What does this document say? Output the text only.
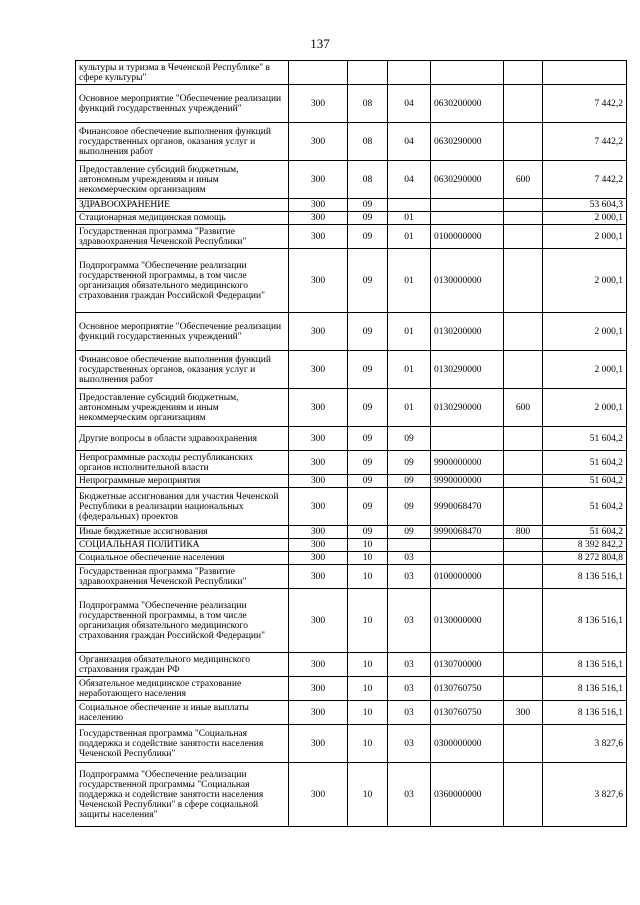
137
культуры и туризма в Чеченской Республике" в сфере культуры"						
Основное мероприятие "Обеспечение реализации функций государственных учреждений"	300	08	04	0630200000		7 442,2
Финансовое обеспечение выполнения функций государственных органов, оказания услуг и выполнения работ	300	08	04	0630290000		7 442,2
Предоставление субсидий бюджетным, автономным учреждениям и иным некоммерческим организациям	300	08	04	0630290000	600	7 442,2
ЗДРАВООХРАНЕНИЕ	300	09				53 604,3
Стационарная медицинская помощь	300	09	01			2 000,1
Государственная программа "Развитие здравоохранения Чеченской Республики"	300	09	01	0100000000		2 000,1
Подпрограмма "Обеспечение реализации государственной программы, в том числе организация обязательного медицинского страхования граждан Российской Федерации"	300	09	01	0130000000		2 000,1
Основное мероприятие "Обеспечение реализации функций государственных учреждений"	300	09	01	0130200000		2 000,1
Финансовое обеспечение выполнения функций государственных органов, оказания услуг и выполнения работ	300	09	01	0130290000		2 000,1
Предоставление субсидий бюджетным, автономным учреждениям и иным некоммерческим организациям	300	09	01	0130290000	600	2 000,1
Другие вопросы в области здравоохранения	300	09	09			51 604,2
Непрограммные расходы республиканских органов исполнительной власти	300	09	09	9900000000		51 604,2
Непрограммные мероприятия	300	09	09	9990000000		51 604,2
Бюджетные ассигнования для участия Чеченской Республики в реализации национальных (федеральных) проектов	300	09	09	9990068470		51 604,2
Иные бюджетные ассигнования	300	09	09	9990068470	800	51 604,2
СОЦИАЛЬНАЯ ПОЛИТИКА	300	10				8 392 842,2
Социальное обеспечение населения	300	10	03			8 272 804,8
Государственная программа "Развитие здравоохранения Чеченской Республики"	300	10	03	0100000000		8 136 516,1
Подпрограмма "Обеспечение реализации государственной программы, в том числе организация обязательного медицинского страхования граждан Российской Федерации"	300	10	03	0130000000		8 136 516,1
Организация обязательного медицинского страхования граждан РФ	300	10	03	0130700000		8 136 516,1
Обязательное медицинское страхование неработающего населения	300	10	03	0130760750		8 136 516,1
Социальное обеспечение и иные выплаты населению	300	10	03	0130760750	300	8 136 516,1
Государственная программа "Социальная поддержка и содействие занятости населения Чеченской Республики"	300	10	03	0300000000		3 827,6
Подпрограмма "Обеспечение реализации государственной программы "Социальная поддержка и содействие занятости населения Чеченской Республики" в сфере социальной защиты населения"	300	10	03	0360000000		3 827,6
